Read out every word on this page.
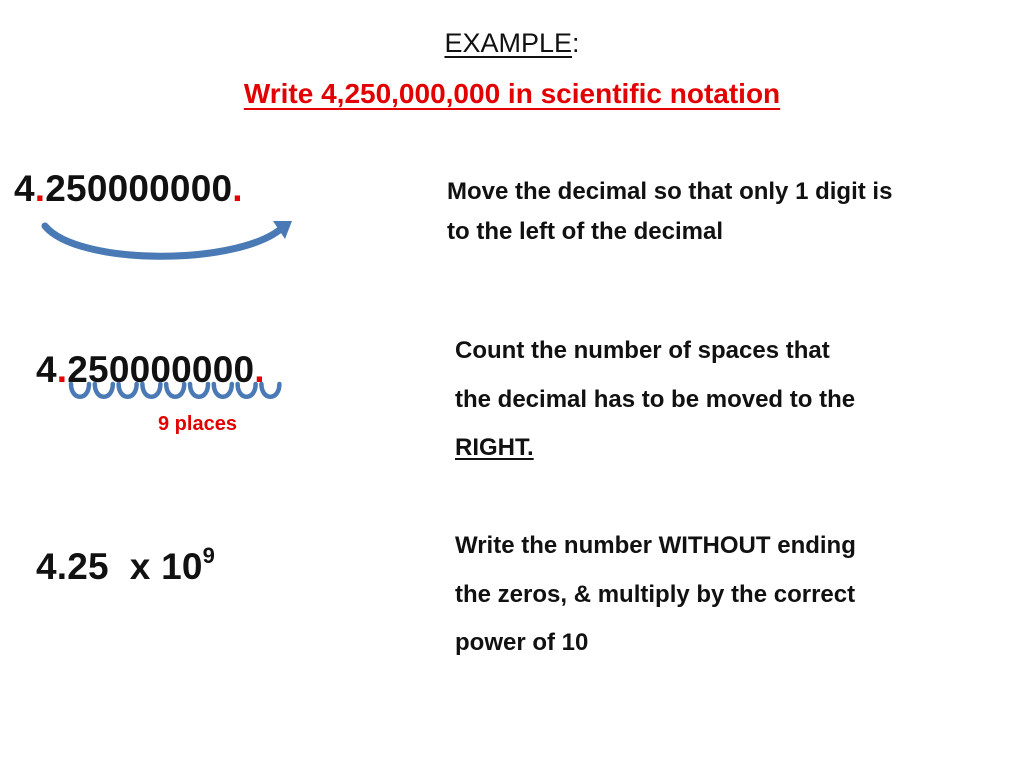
EXAMPLE:
Write 4,250,000,000 in scientific notation
4.250000000.	Move the decimal so that only 1 digit is
to the left of the decimal
4.250000000.
9 places
Count the number of spaces that
the decimal has to be moved to the
RIGHT.
4.25 x $10^9$	Write the number WITHOUT ending
the zeros, & multiply by the correct
power of 10
